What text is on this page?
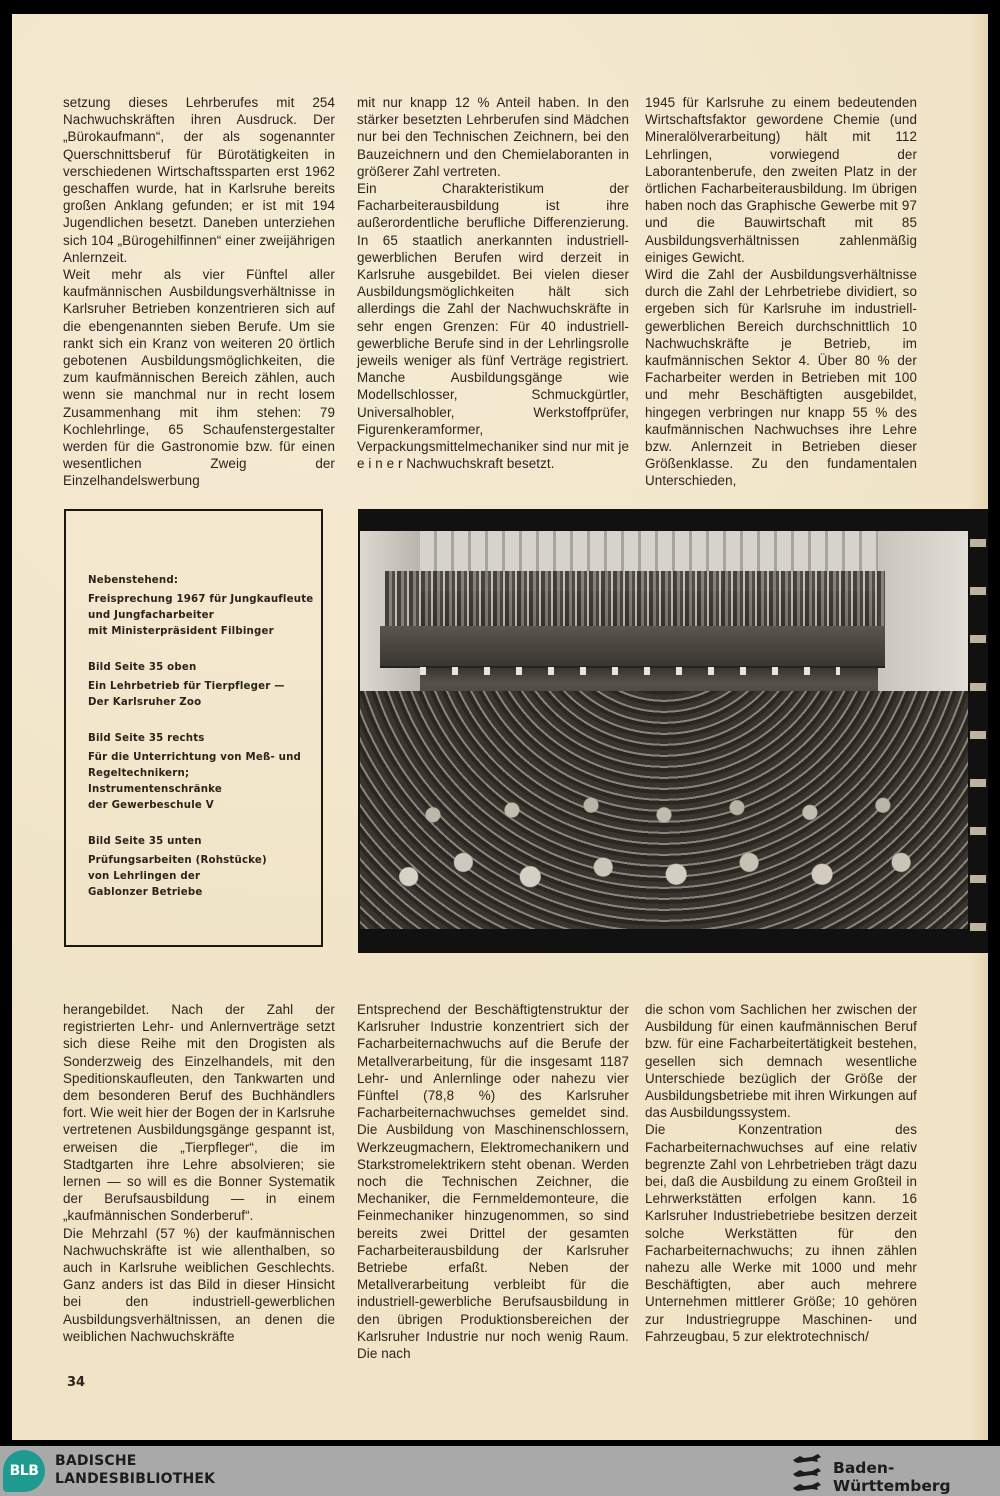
setzung dieses Lehrberufes mit 254 Nachwuchskräften ihren Ausdruck. Der „Bürokaufmann“, der als sogenannter Querschnittsberuf für Bürotätigkeiten in verschiedenen Wirtschaftssparten erst 1962 geschaffen wurde, hat in Karlsruhe bereits großen Anklang gefunden; er ist mit 194 Jugendlichen besetzt. Daneben unterziehen sich 104 „Bürogehilfinnen“ einer zweijährigen Anlernzeit.

Weit mehr als vier Fünftel aller kaufmännischen Ausbildungsverhältnisse in Karlsruher Betrieben konzentrieren sich auf die ebengenannten sieben Berufe. Um sie rankt sich ein Kranz von weiteren 20 örtlich gebotenen Ausbildungsmöglichkeiten, die zum kaufmännischen Bereich zählen, auch wenn sie manchmal nur in recht losem Zusammenhang mit ihm stehen: 79 Kochlehrlinge, 65 Schaufenstergestalter werden für die Gastronomie bzw. für einen wesentlichen Zweig der Einzelhandelswerbung

mit nur knapp 12 % Anteil haben. In den stärker besetzten Lehrberufen sind Mädchen nur bei den Technischen Zeichnern, bei den Bauzeichnern und den Chemielaboranten in größerer Zahl vertreten.

Ein Charakteristikum der Facharbeiterausbildung ist ihre außerordentliche berufliche Differenzierung. In 65 staatlich anerkannten industriell-gewerblichen Berufen wird derzeit in Karlsruhe ausgebildet. Bei vielen dieser Ausbildungsmöglichkeiten hält sich allerdings die Zahl der Nachwuchskräfte in sehr engen Grenzen: Für 40 industriell-gewerbliche Berufe sind in der Lehrlingsrolle jeweils weniger als fünf Verträge registriert. Manche Ausbildungsgänge wie Modellschlosser, Schmuckgürtler, Universalhobler, Werkstoffprüfer, Figurenkeramformer, Verpackungsmittelmechaniker sind nur mit je e i n e r Nachwuchskraft besetzt.

1945 für Karlsruhe zu einem bedeutenden Wirtschaftsfaktor gewordene Chemie (und Mineralölverarbeitung) hält mit 112 Lehrlingen, vorwiegend der Laborantenberufe, den zweiten Platz in der örtlichen Facharbeiterausbildung. Im übrigen haben noch das Graphische Gewerbe mit 97 und die Bauwirtschaft mit 85 Ausbildungsverhältnissen zahlenmäßig einiges Gewicht.

Wird die Zahl der Ausbildungsverhältnisse durch die Zahl der Lehrbetriebe dividiert, so ergeben sich für Karlsruhe im industriell-gewerblichen Bereich durchschnittlich 10 Nachwuchskräfte je Betrieb, im kaufmännischen Sektor 4. Über 80 % der Facharbeiter werden in Betrieben mit 100 und mehr Beschäftigten ausgebildet, hingegen verbringen nur knapp 55 % des kaufmännischen Nachwuchses ihre Lehre bzw. Anlernzeit in Betrieben dieser Größenklasse. Zu den fundamentalen Unterschieden,

Nebenstehend:
Freisprechung 1967 für Jungkaufleute
und Jungfacharbeiter
mit Ministerpräsident Filbinger
Bild Seite 35 oben
Ein Lehrbetrieb für Tierpfleger —
Der Karlsruher Zoo
Bild Seite 35 rechts
Für die Unterrichtung von Meß- und
Regeltechnikern;
Instrumentenschränke
der Gewerbeschule V
Bild Seite 35 unten
Prüfungsarbeiten (Rohstücke)
von Lehrlingen der
Gablonzer Betriebe

herangebildet. Nach der Zahl der registrierten Lehr- und Anlernverträge setzt sich diese Reihe mit den Drogisten als Sonderzweig des Einzelhandels, mit den Speditionskaufleuten, den Tankwarten und dem besonderen Beruf des Buchhändlers fort. Wie weit hier der Bogen der in Karlsruhe vertretenen Ausbildungsgänge gespannt ist, erweisen die „Tierpfleger“, die im Stadtgarten ihre Lehre absolvieren; sie lernen — so will es die Bonner Systematik der Berufsausbildung — in einem „kaufmännischen Sonderberuf“.

Die Mehrzahl (57 %) der kaufmännischen Nachwuchskräfte ist wie allenthalben, so auch in Karlsruhe weiblichen Geschlechts. Ganz anders ist das Bild in dieser Hinsicht bei den industriell-gewerblichen Ausbildungsverhältnissen, an denen die weiblichen Nachwuchskräfte

Entsprechend der Beschäftigtenstruktur der Karlsruher Industrie konzentriert sich der Facharbeiternachwuchs auf die Berufe der Metallverarbeitung, für die insgesamt 1187 Lehr- und Anlernlinge oder nahezu vier Fünftel (78,8 %) des Karlsruher Facharbeiternachwuchses gemeldet sind. Die Ausbildung von Maschinenschlossern, Werkzeugmachern, Elektromechanikern und Starkstromelektrikern steht obenan. Werden noch die Technischen Zeichner, die Mechaniker, die Fernmeldemonteure, die Feinmechaniker hinzugenommen, so sind bereits zwei Drittel der gesamten Facharbeiterausbildung der Karlsruher Betriebe erfaßt. Neben der Metallverarbeitung verbleibt für die industriell-gewerbliche Berufsausbildung in den übrigen Produktionsbereichen der Karlsruher Industrie nur noch wenig Raum. Die nach

die schon vom Sachlichen her zwischen der Ausbildung für einen kaufmännischen Beruf bzw. für eine Facharbeitertätigkeit bestehen, gesellen sich demnach wesentliche Unterschiede bezüglich der Größe der Ausbildungsbetriebe mit ihren Wirkungen auf das Ausbildungssystem.

Die Konzentration des Facharbeiternachwuchses auf eine relativ begrenzte Zahl von Lehrbetrieben trägt dazu bei, daß die Ausbildung zu einem Großteil in Lehrwerkstätten erfolgen kann. 16 Karlsruher Industriebetriebe besitzen derzeit solche Werkstätten für den Facharbeiternachwuchs; zu ihnen zählen nahezu alle Werke mit 1000 und mehr Beschäftigten, aber auch mehrere Unternehmen mittlerer Größe; 10 gehören zur Industriegruppe Maschinen- und Fahrzeugbau, 5 zur elektrotechnisch/

34
BLB
BADISCHE
LANDESBIBLIOTHEK
Baden-Württemberg
